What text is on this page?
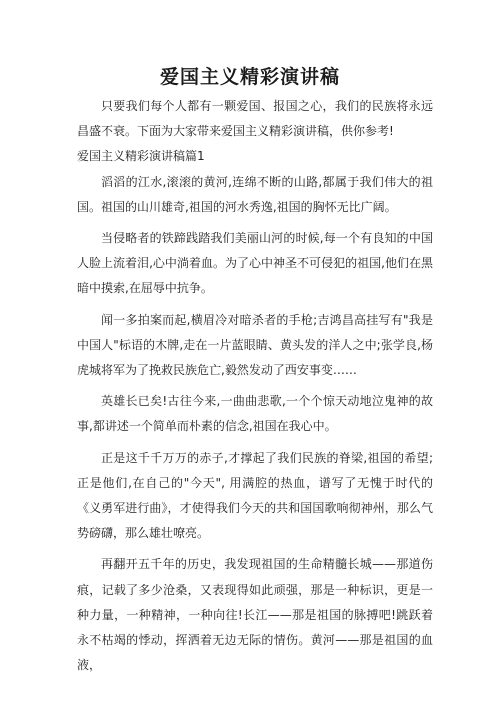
爱国主义精彩演讲稿

只要我们每个人都有一颗爱国、报国之心，我们的民族将永远昌盛不衰。下面为大家带来爱国主义精彩演讲稿，供你参考!

爱国主义精彩演讲稿篇1

滔滔的江水,滚滚的黄河,连绵不断的山路,都属于我们伟大的祖国。祖国的山川雄奇,祖国的河水秀逸,祖国的胸怀无比广阔。

当侵略者的铁蹄践踏我们美丽山河的时候,每一个有良知的中国人脸上流着泪,心中淌着血。为了心中神圣不可侵犯的祖国,他们在黑暗中摸索,在屈辱中抗争。

闻一多拍案而起,横眉冷对暗杀者的手枪;吉鸿昌高挂写有"我是中国人"标语的木牌,走在一片蓝眼睛、黄头发的洋人之中;张学良,杨虎城将军为了挽救民族危亡,毅然发动了西安事变……

英雄长已矣!古往今来,一曲曲悲歌,一个个惊天动地泣鬼神的故事,都讲述一个简单而朴素的信念,祖国在我心中。

正是这千千万万的赤子,才撑起了我们民族的脊梁,祖国的希望;正是他们,在自己的"今天", 用满腔的热血，谱写了无愧于时代的《义勇军进行曲》，才使得我们今天的共和国国歌响彻神州，那么气势磅礴，那么雄壮嘹亮。

再翻开五千年的历史，我发现祖国的生命精髓长城——那道伤痕，记载了多少沧桑，又表现得如此顽强，那是一种标识，更是一种力量，一种精神，一种向往!长江——那是祖国的脉搏吧!跳跃着永不枯竭的悸动，挥洒着无边无际的情伤。黄河——那是祖国的血液，
